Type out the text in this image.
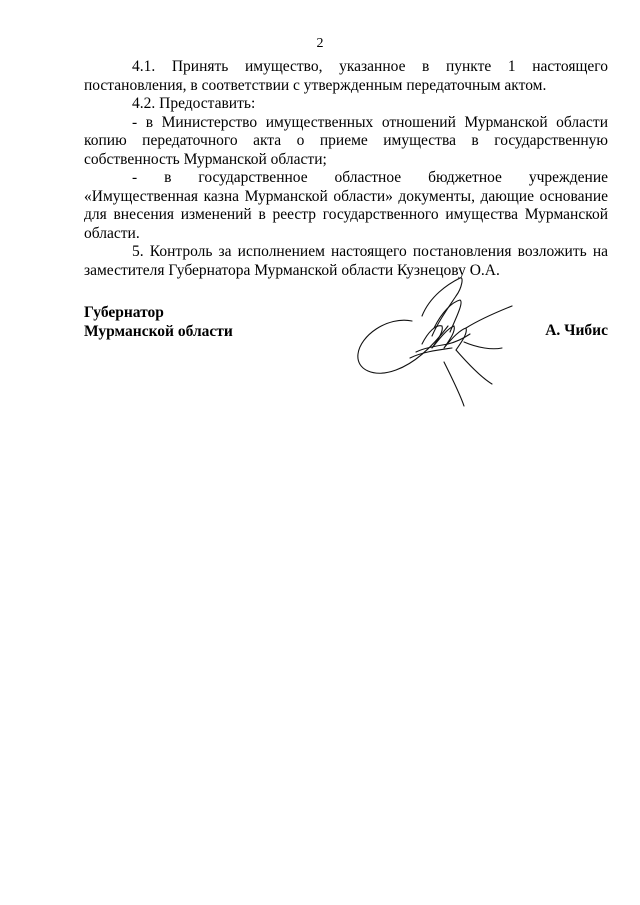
2

4.1. Принять имущество, указанное в пункте 1 настоящего постановления, в соответствии с утвержденным передаточным актом.

4.2. Предоставить:

- в Министерство имущественных отношений Мурманской области копию передаточного акта о приеме имущества в государственную собственность Мурманской области;

- в государственное областное бюджетное учреждение «Имущественная казна Мурманской области» документы, дающие основание для внесения изменений в реестр государственного имущества Мурманской области.

5. Контроль за исполнением настоящего постановления возложить на заместителя Губернатора Мурманской области Кузнецову О.А.

Губернатор
Мурманской области	А. Чибис
